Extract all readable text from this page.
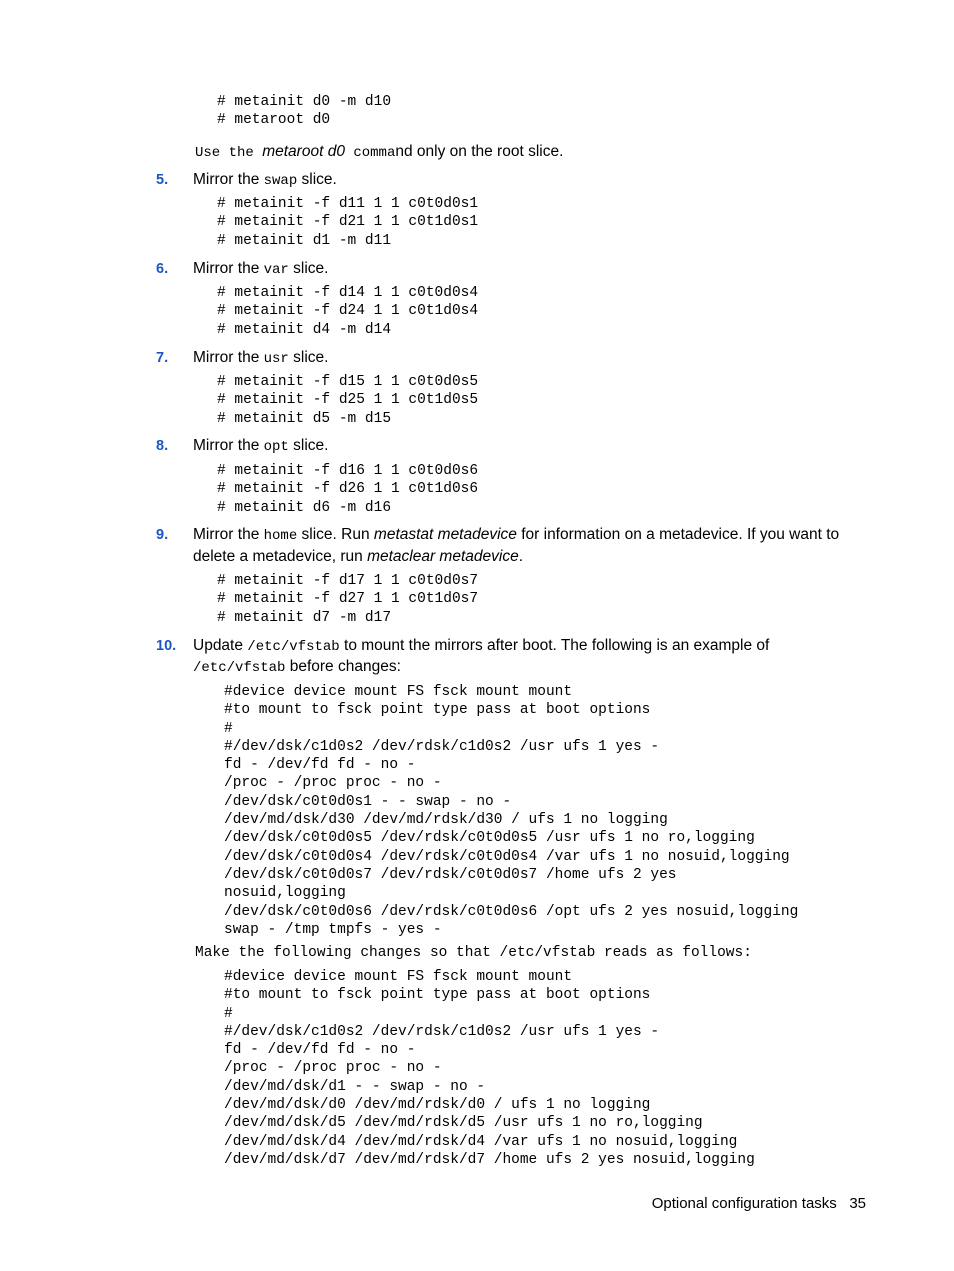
# metainit d0 -m d10
# metaroot d0
Use the metaroot d0 command only on the root slice.
5. Mirror the swap slice.
# metainit -f d11 1 1 c0t0d0s1
# metainit -f d21 1 1 c0t1d0s1
# metainit d1 -m d11
6. Mirror the var slice.
# metainit -f d14 1 1 c0t0d0s4
# metainit -f d24 1 1 c0t1d0s4
# metainit d4 -m d14
7. Mirror the usr slice.
# metainit -f d15 1 1 c0t0d0s5
# metainit -f d25 1 1 c0t1d0s5
# metainit d5 -m d15
8. Mirror the opt slice.
# metainit -f d16 1 1 c0t0d0s6
# metainit -f d26 1 1 c0t1d0s6
# metainit d6 -m d16
9. Mirror the home slice. Run metastat metadevice for information on a metadevice. If you want to
delete a metadevice, run metaclear metadevice.
# metainit -f d17 1 1 c0t0d0s7
# metainit -f d27 1 1 c0t1d0s7
# metainit d7 -m d17
10. Update /etc/vfstab to mount the mirrors after boot. The following is an example of
/etc/vfstab before changes:
#device device mount FS fsck mount mount
#to mount to fsck point type pass at boot options
#
#/dev/dsk/c1d0s2 /dev/rdsk/c1d0s2 /usr ufs 1 yes -
fd - /dev/fd fd - no -
/proc - /proc proc - no -
/dev/dsk/c0t0d0s1 - - swap - no -
/dev/md/dsk/d30 /dev/md/rdsk/d30 / ufs 1 no logging
/dev/dsk/c0t0d0s5 /dev/rdsk/c0t0d0s5 /usr ufs 1 no ro,logging
/dev/dsk/c0t0d0s4 /dev/rdsk/c0t0d0s4 /var ufs 1 no nosuid,logging
/dev/dsk/c0t0d0s7 /dev/rdsk/c0t0d0s7 /home ufs 2 yes
nosuid,logging
/dev/dsk/c0t0d0s6 /dev/rdsk/c0t0d0s6 /opt ufs 2 yes nosuid,logging
swap - /tmp tmpfs - yes -
Make the following changes so that /etc/vfstab reads as follows:
#device device mount FS fsck mount mount
#to mount to fsck point type pass at boot options
#
#/dev/dsk/c1d0s2 /dev/rdsk/c1d0s2 /usr ufs 1 yes -
fd - /dev/fd fd - no -
/proc - /proc proc - no -
/dev/md/dsk/d1 - - swap - no -
/dev/md/dsk/d0 /dev/md/rdsk/d0 / ufs 1 no logging
/dev/md/dsk/d5 /dev/md/rdsk/d5 /usr ufs 1 no ro,logging
/dev/md/dsk/d4 /dev/md/rdsk/d4 /var ufs 1 no nosuid,logging
/dev/md/dsk/d7 /dev/md/rdsk/d7 /home ufs 2 yes nosuid,logging
Optional configuration tasks 35
